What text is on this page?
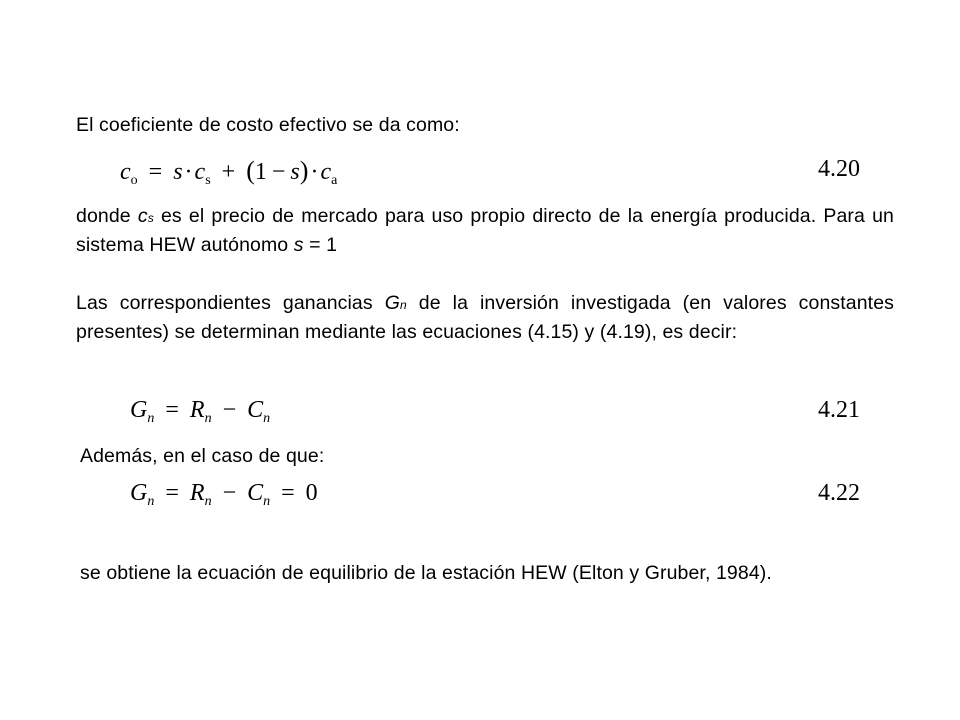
El coeficiente de costo efectivo se da como:
$c_o = s\cdot c_s + (1 - s)\cdot c_a$	4.20
donde cs es el precio de mercado para uso propio directo de la energía producida. Para un sistema HEW autónomo s = 1
Las correspondientes ganancias Gn de la inversión investigada (en valores constantes presentes) se determinan mediante las ecuaciones (4.15) y (4.19), es decir:
$G_n = R_n - C_n$	4.21
Además, en el caso de que:
$G_n = R_n - C_n = 0$	4.22
se obtiene la ecuación de equilibrio de la estación HEW (Elton y Gruber, 1984).
